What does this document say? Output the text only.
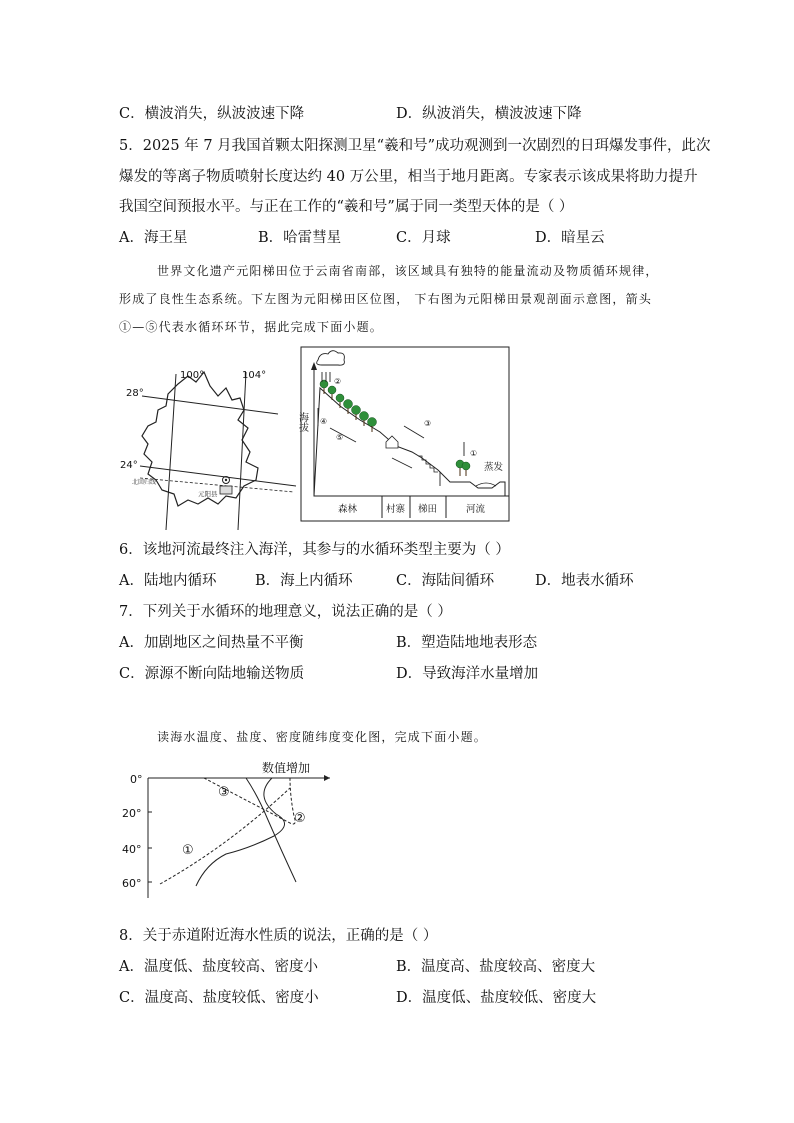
C．横波消失，纵波波速下降	D．纵波消失，横波波速下降
5．2025 年 7 月我国首颗太阳探测卫星“羲和号”成功观测到一次剧烈的日珥爆发事件，此次
爆发的等离子物质喷射长度达约 40 万公里，相当于地月距离。专家表示该成果将助力提升
我国空间预报水平。与正在工作的“羲和号”属于同一类型天体的是（ ）
A．海王星	B．哈雷彗星	C．月球	D．暗星云
世界文化遗产元阳梯田位于云南省南部，该区域具有独特的能量流动及物质循环规律，
形成了良性生态系统。下左图为元阳梯田区位图， 下右图为元阳梯田景观剖面示意图，箭头
①—⑤代表水循环环节，据此完成下面小题。
100°	104°
28°
24°
北回归线
元阳县
海拔
蒸发
①
②
③
④
⑤
森林	村寨 梯田	河流
6．该地河流最终注入海洋，其参与的水循环类型主要为（ ）
A．陆地内循环	B．海上内循环	C．海陆间循环	D．地表水循环
7．下列关于水循环的地理意义，说法正确的是（ ）
A．加剧地区之间热量不平衡	B．塑造陆地地表形态
C．源源不断向陆地输送物质	D．导致海洋水量增加
读海水温度、盐度、密度随纬度变化图，完成下面小题。
数值增加
0°
20°
40°
60°
①
②
③
8．关于赤道附近海水性质的说法，正确的是（ ）
A．温度低、盐度较高、密度小	B．温度高、盐度较高、密度大
C．温度高、盐度较低、密度小	D．温度低、盐度较低、密度大
